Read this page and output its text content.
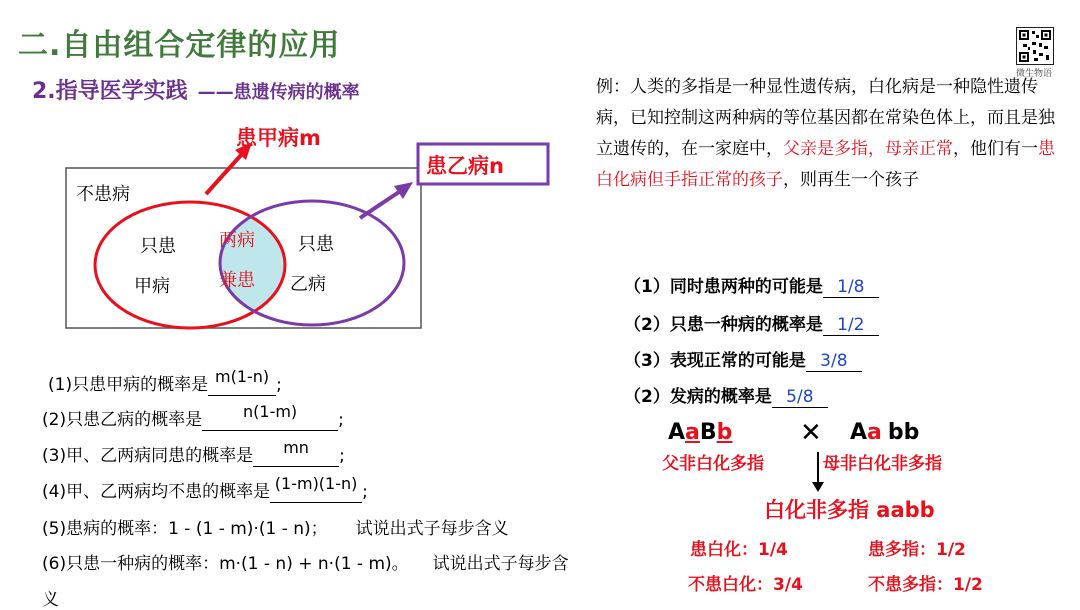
二.自由组合定律的应用
2.指导医学实践 ——患遗传病的概率
微生物语
不患病
患甲病m
患乙病n
只患
甲病
两病
兼患
只患
乙病
(1)只患甲病的概率是 m(1-n) ;
(2)只患乙病的概率是	n(1-m) ;
(3)甲、乙两病同患的概率是 mn ;
(4)甲、乙两病均不患的概率是 (1-m)(1-n) ;
(5)患病的概率：1 - (1 - m)·(1 - n)； 试说出式子每步含义
(6)只患一种病的概率：m·(1 - n) + n·(1 - m)。 试说出式子每步含
义
例：人类的多指是一种显性遗传病，白化病是一种隐性遗传病，已知控制这两种病的等位基因都在常染色体上，而且是独立遗传的，在一家庭中，父亲是多指，母亲正常，他们有一患白化病但手指正常的孩子，则再生一个孩子
（1）同时患两种的可能是 1/8
（2）只患一种病的概率是 1/2
（3）表现正常的可能是 3/8
（2）发病的概率是 5/8
AaBb	✕ Aa bb
父非白化多指	母非白化非多指
白化非多指 aabb
患白化：1/4	患多指：1/2
不患白化：3/4	不患多指：1/2
